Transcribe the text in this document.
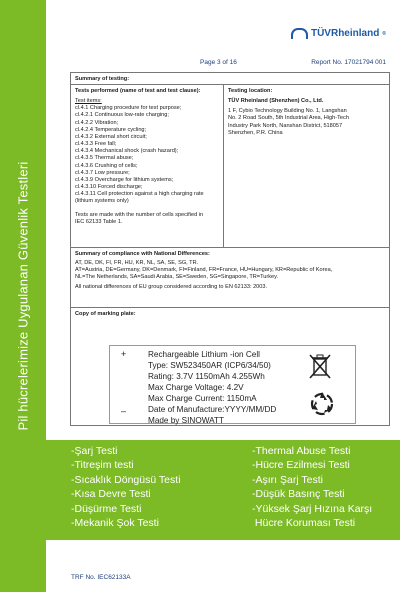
Pil hücrelerimize Uygulanan Güvenlik Testleri
TÜVRheinland ®
Page 3 of 16	Report No. 17021794 001
Summary of testing:
Tests performed (name of test and test clause):
Test items:
cl.4.1 Charging procedure for test purpose;
cl.4.2.1 Continuous low-rate charging;
cl.4.2.2 Vibration;
cl.4.2.4 Temperature cycling;
cl.4.3.2 External short circuit;
cl.4.3.3 Free fall;
cl.4.3.4 Mechanical shock (crash hazard);
cl.4.3.5 Thermal abuse;
cl.4.3.6 Crushing of cells;
cl.4.3.7 Low pressure;
cl.4.3.9 Overcharge for lithium systems;
cl.4.3.10 Forced discharge;
cl.4.3.11 Cell protection against a high charging rate
(lithium systems only)
Tests are made with the number of cells specified in
IEC 62133 Table 1.
Testing location:
TÜV Rheinland (Shenzhen) Co., Ltd.
1 F, Cybio Technology Building No. 1, Langshan
No. 2 Road South, 5th Industrial Area, High-Tech
Industry Park North, Nanshan District, 518057
Shenzhen, P.R. China
Summary of compliance with National Differences:
AT, DE, DK, FI, FR, HU, KR, NL, SA, SE, SG, TR.
AT=Austria, DE=Germany, DK=Denmark, FI=Finland, FR=France, HU=Hungary, KR=Republic of Korea,
NL=The Netherlands, SA=Saudi Arabia, SE=Sweden, SG=Singapore, TR=Turkey.
All national differences of EU group considered according to EN 62133: 2003.
Copy of marking plate:
+
–
Rechargeable Lithium -ion Cell
Type: SW523450AR (ICP6/34/50)
Rating: 3.7V 1150mAh 4.255Wh
Max Charge Voltage: 4.2V
Max Charge Current: 1150mA
Date of Manufacture:YYYY/MM/DD
Made by SINOWATT
-Şarj Testi
-Titreşim testi
-Sıcaklık Döngüsü Testi
-Kısa Devre Testi
-Düşürme Testi
-Mekanik Şok Testi
-Thermal Abuse Testi
-Hücre Ezilmesi Testi
-Aşırı Şarj Testi
-Düşük Basınç Testi
-Yüksek Şarj Hızına Karşı
Hücre Koruması Testi
TRF No. IEC62133A
